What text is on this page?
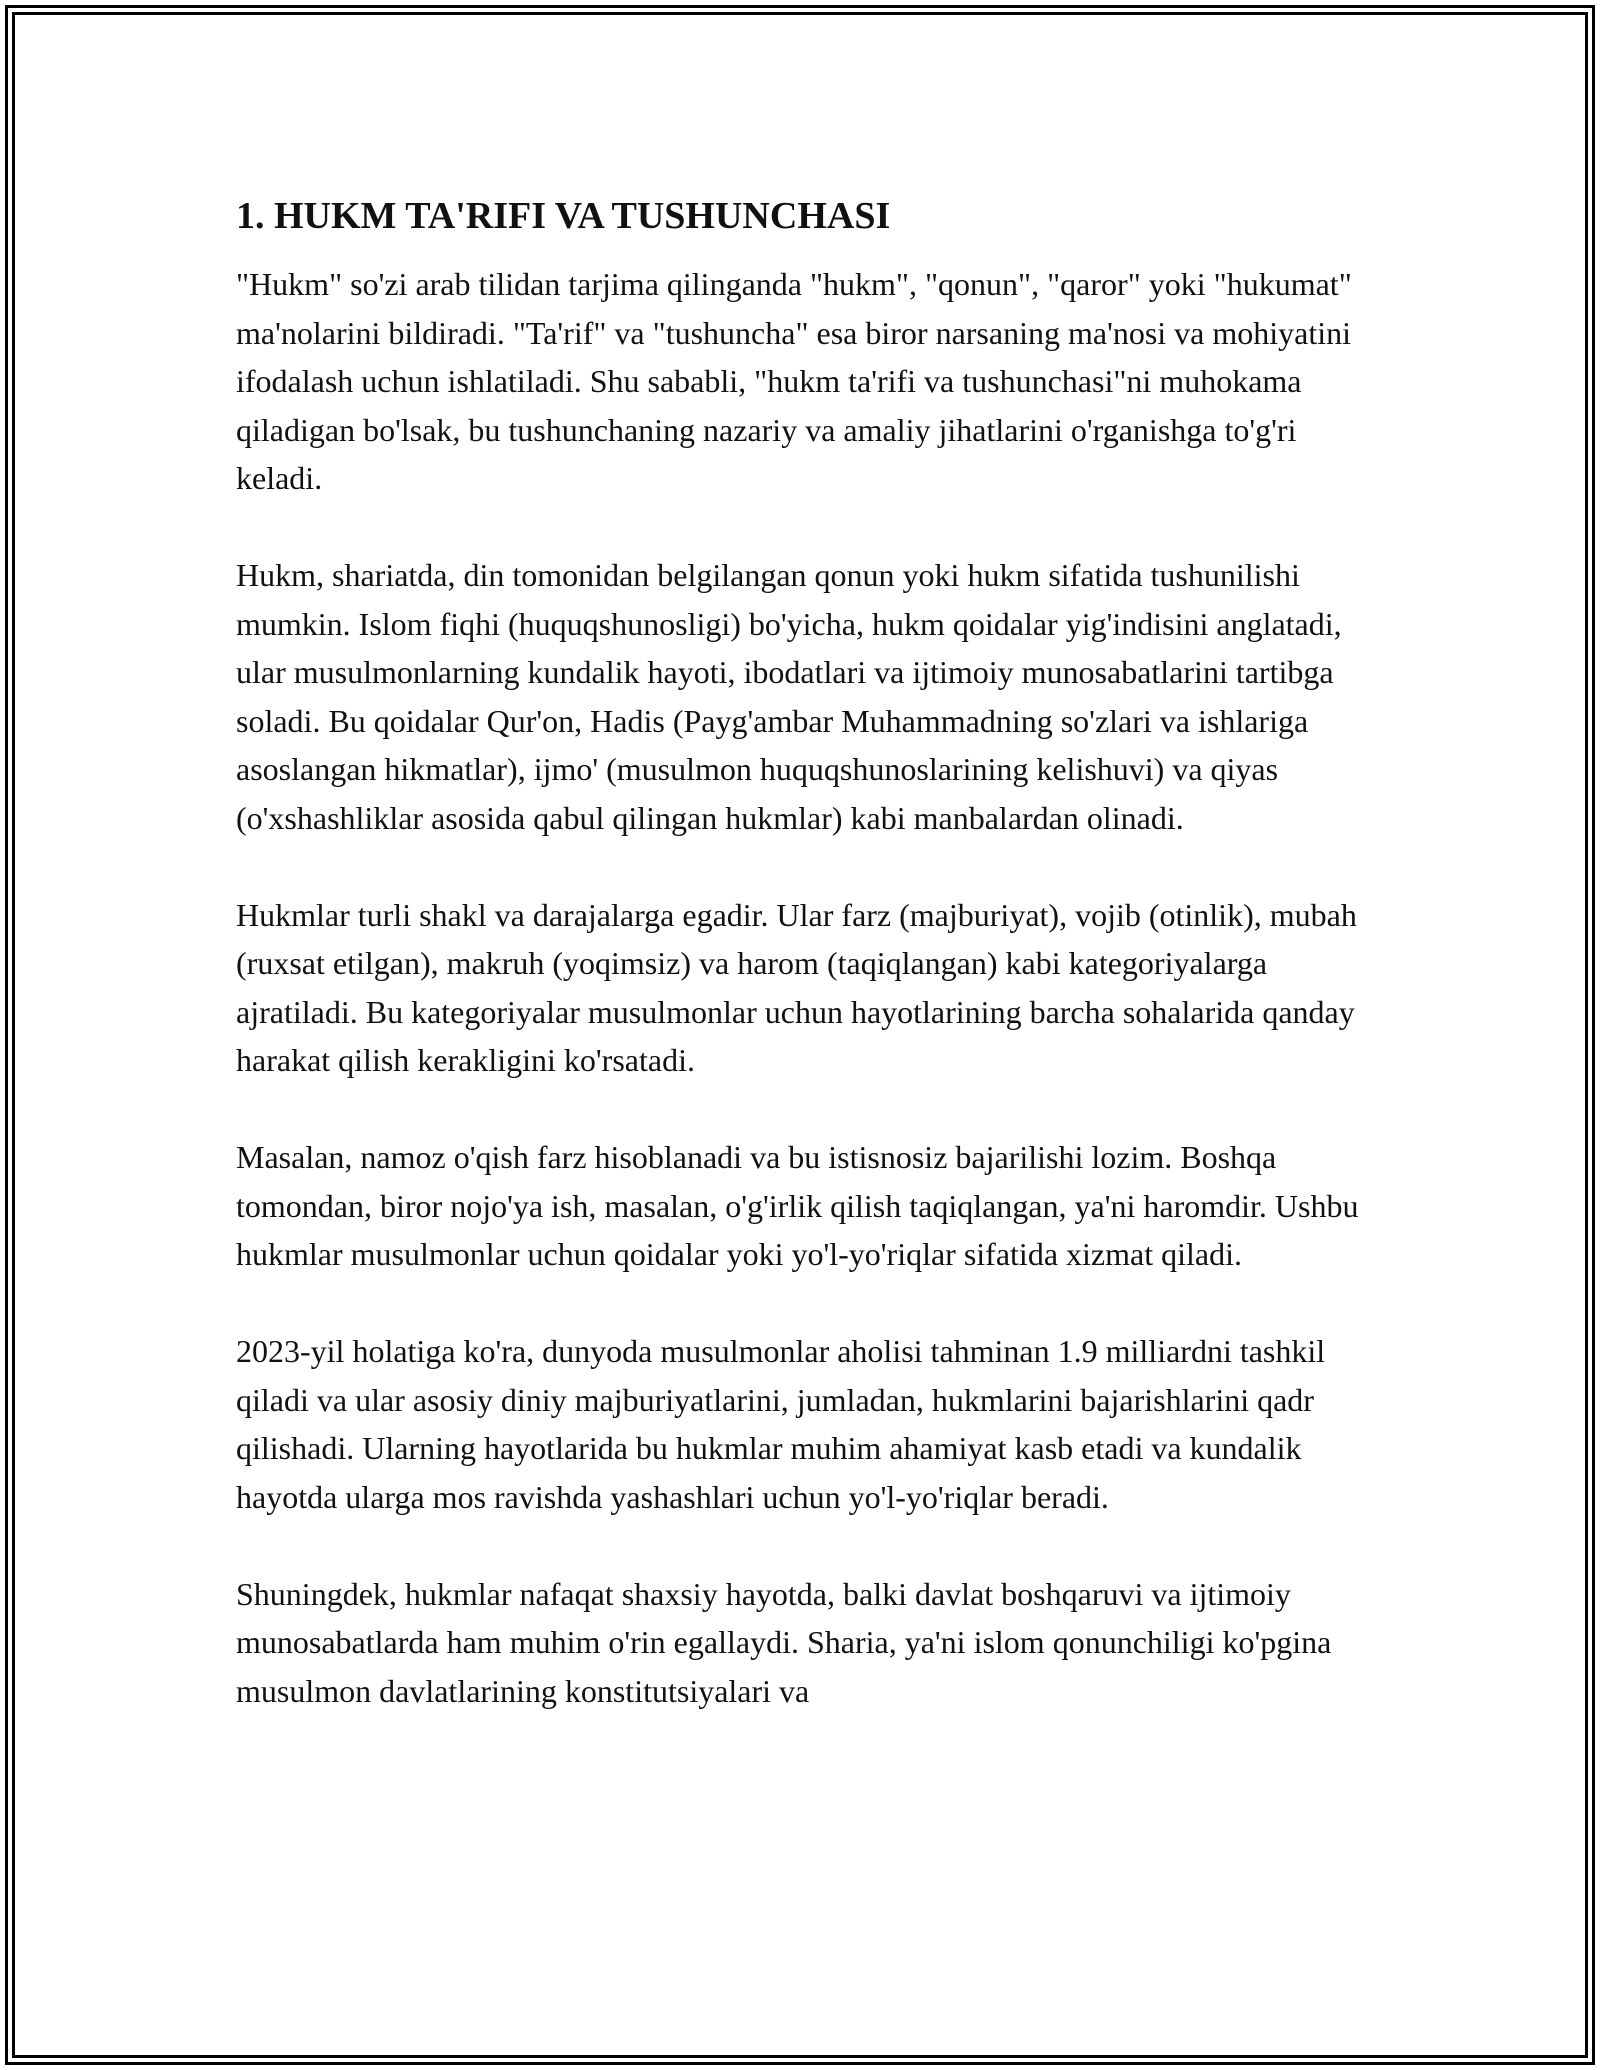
1. HUKM TA'RIFI VA TUSHUNCHASI

"Hukm" so'zi arab tilidan tarjima qilinganda "hukm", "qonun", "qaror" yoki "hukumat" ma'nolarini bildiradi. "Ta'rif" va "tushuncha" esa biror narsaning ma'nosi va mohiyatini ifodalash uchun ishlatiladi. Shu sababli, "hukm ta'rifi va tushunchasi"ni muhokama qiladigan bo'lsak, bu tushunchaning nazariy va amaliy jihatlarini o'rganishga to'g'ri keladi.

Hukm, shariatda, din tomonidan belgilangan qonun yoki hukm sifatida tushunilishi mumkin. Islom fiqhi (huquqshunosligi) bo'yicha, hukm qoidalar yig'indisini anglatadi, ular musulmonlarning kundalik hayoti, ibodatlari va ijtimoiy munosabatlarini tartibga soladi. Bu qoidalar Qur'on, Hadis (Payg'ambar Muhammadning so'zlari va ishlariga asoslangan hikmatlar), ijmo' (musulmon huquqshunoslarining kelishuvi) va qiyas (o'xshashliklar asosida qabul qilingan hukmlar) kabi manbalardan olinadi.

Hukmlar turli shakl va darajalarga egadir. Ular farz (majburiyat), vojib (otinlik), mubah (ruxsat etilgan), makruh (yoqimsiz) va harom (taqiqlangan) kabi kategoriyalarga ajratiladi. Bu kategoriyalar musulmonlar uchun hayotlarining barcha sohalarida qanday harakat qilish kerakligini ko'rsatadi.

Masalan, namoz o'qish farz hisoblanadi va bu istisnosiz bajarilishi lozim. Boshqa tomondan, biror nojo'ya ish, masalan, o'g'irlik qilish taqiqlangan, ya'ni haromdir. Ushbu hukmlar musulmonlar uchun qoidalar yoki yo'l-yo'riqlar sifatida xizmat qiladi.

2023-yil holatiga ko'ra, dunyoda musulmonlar aholisi tahminan 1.9 milliardni tashkil qiladi va ular asosiy diniy majburiyatlarini, jumladan, hukmlarini bajarishlarini qadr qilishadi. Ularning hayotlarida bu hukmlar muhim ahamiyat kasb etadi va kundalik hayotda ularga mos ravishda yashashlari uchun yo'l-yo'riqlar beradi.

Shuningdek, hukmlar nafaqat shaxsiy hayotda, balki davlat boshqaruvi va ijtimoiy munosabatlarda ham muhim o'rin egallaydi. Sharia, ya'ni islom qonunchiligi ko'pgina musulmon davlatlarining konstitutsiyalari va
